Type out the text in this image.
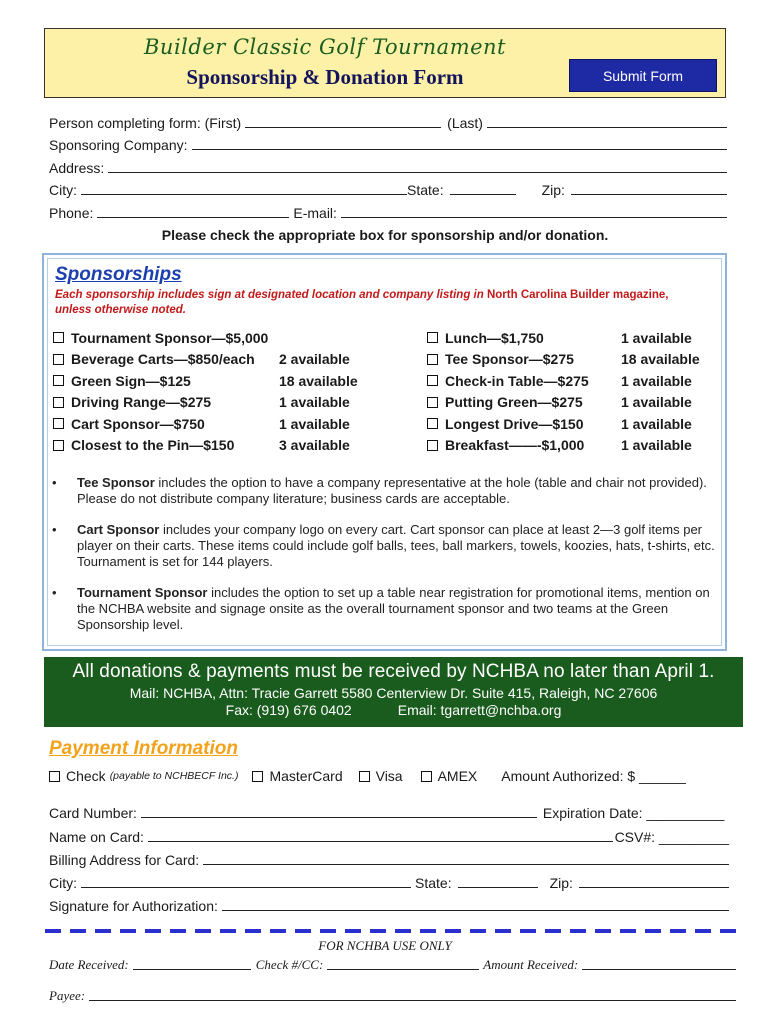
Builder Classic Golf Tournament
Sponsorship & Donation Form	Submit Form
Person completing form: (First)	(Last)
Sponsoring Company:
Address:
City:	State:	Zip:
Phone:	E-mail:
Please check the appropriate box for sponsorship and/or donation.
Sponsorships
Each sponsorship includes sign at designated location and company listing in North Carolina Builder magazine,
unless otherwise noted.
Tournament Sponsor—$5,000
Beverage Carts—$850/each 2 available
Green Sign—$125	18 available
Driving Range—$275	1 available
Cart Sponsor—$750	1 available
Closest to the Pin—$150	3 available
Lunch—$1,750	1 available
Tee Sponsor—$275	18 available
Check-in Table—$275 1 available
Putting Green—$275	1 available
Longest Drive—$150	1 available
Breakfast——-$1,000	1 available
• Tee Sponsor includes the option to have a company representative at the hole (table and chair not provided). Please do not distribute company literature; business cards are acceptable.
• Cart Sponsor includes your company logo on every cart. Cart sponsor can place at least 2—3 golf items per player on their carts. These items could include golf balls, tees, ball markers, towels, koozies, hats, t-shirts, etc. Tournament is set for 144 players.
• Tournament Sponsor includes the option to set up a table near registration for promotional items, mention on the NCHBA website and signage onsite as the overall tournament sponsor and two teams at the Green Sponsorship level.
All donations & payments must be received by NCHBA no later than April 1.
Mail: NCHBA, Attn: Tracie Garrett 5580 Centerview Dr. Suite 415, Raleigh, NC 27606
Fax: (919) 676 0402	Email: tgarrett@nchba.org
Payment Information
Check (payable to NCHBECF Inc.) MasterCard Visa	AMEX Amount Authorized: $ ______
Card Number:	Expiration Date: __________
Name on Card:	CSV#: _________
Billing Address for Card:
City:	State:	Zip:
Signature for Authorization:
FOR NCHBA USE ONLY
Date Received:	Check #/CC:	Amount Received:
Payee:
